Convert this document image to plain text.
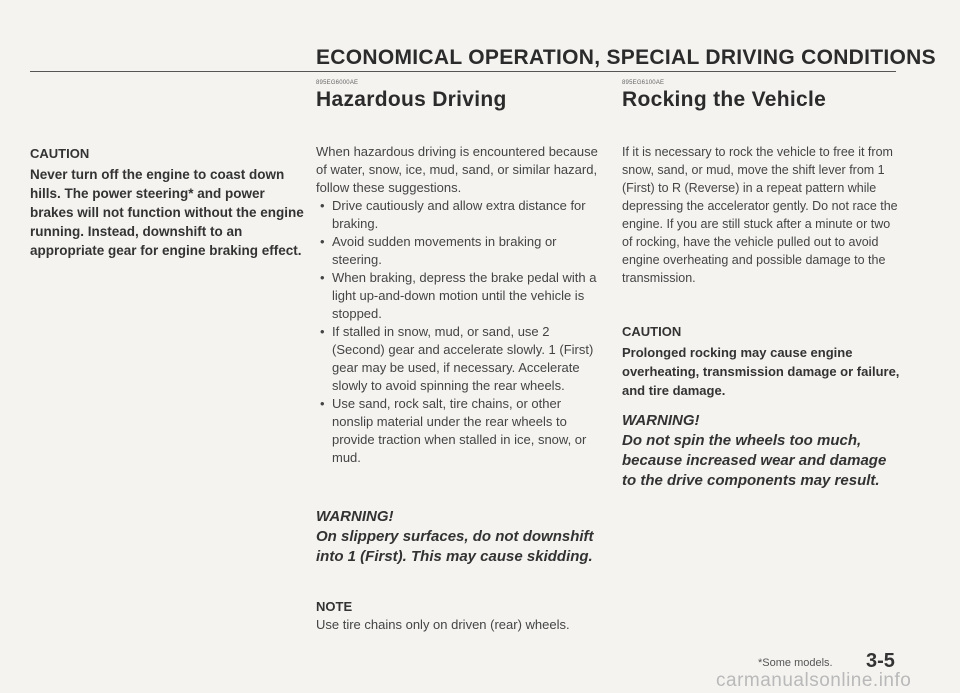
ECONOMICAL OPERATION, SPECIAL DRIVING CONDITIONS

CAUTION

Never turn off the engine to coast down hills. The power steering* and power brakes will not function without the engine running. Instead, downshift to an appropriate gear for engine braking effect.

895EG6000AE
Hazardous Driving

When hazardous driving is encountered because of water, snow, ice, mud, sand, or similar hazard, follow these suggestions.

• Drive cautiously and allow extra distance for braking.
• Avoid sudden movements in braking or steering.
• When braking, depress the brake pedal with a light up-and-down motion until the vehicle is stopped.
• If stalled in snow, mud, or sand, use 2 (Second) gear and accelerate slowly. 1 (First) gear may be used, if necessary. Accelerate slowly to avoid spinning the rear wheels.
• Use sand, rock salt, tire chains, or other nonslip material under the rear wheels to provide traction when stalled in ice, snow, or mud.

WARNING!

On slippery surfaces, do not downshift into 1 (First). This may cause skidding.

NOTE

Use tire chains only on driven (rear) wheels.

895EG6100AE
Rocking the Vehicle

If it is necessary to rock the vehicle to free it from snow, sand, or mud, move the shift lever from 1 (First) to R (Reverse) in a repeat pattern while depressing the accelerator gently. Do not race the engine. If you are still stuck after a minute or two of rocking, have the vehicle pulled out to avoid engine overheating and possible damage to the transmission.

CAUTION

Prolonged rocking may cause engine overheating, transmission damage or failure, and tire damage.

WARNING!

Do not spin the wheels too much, because increased wear and damage to the drive components may result.

*Some models. 3-5
carmanualsonline.info
